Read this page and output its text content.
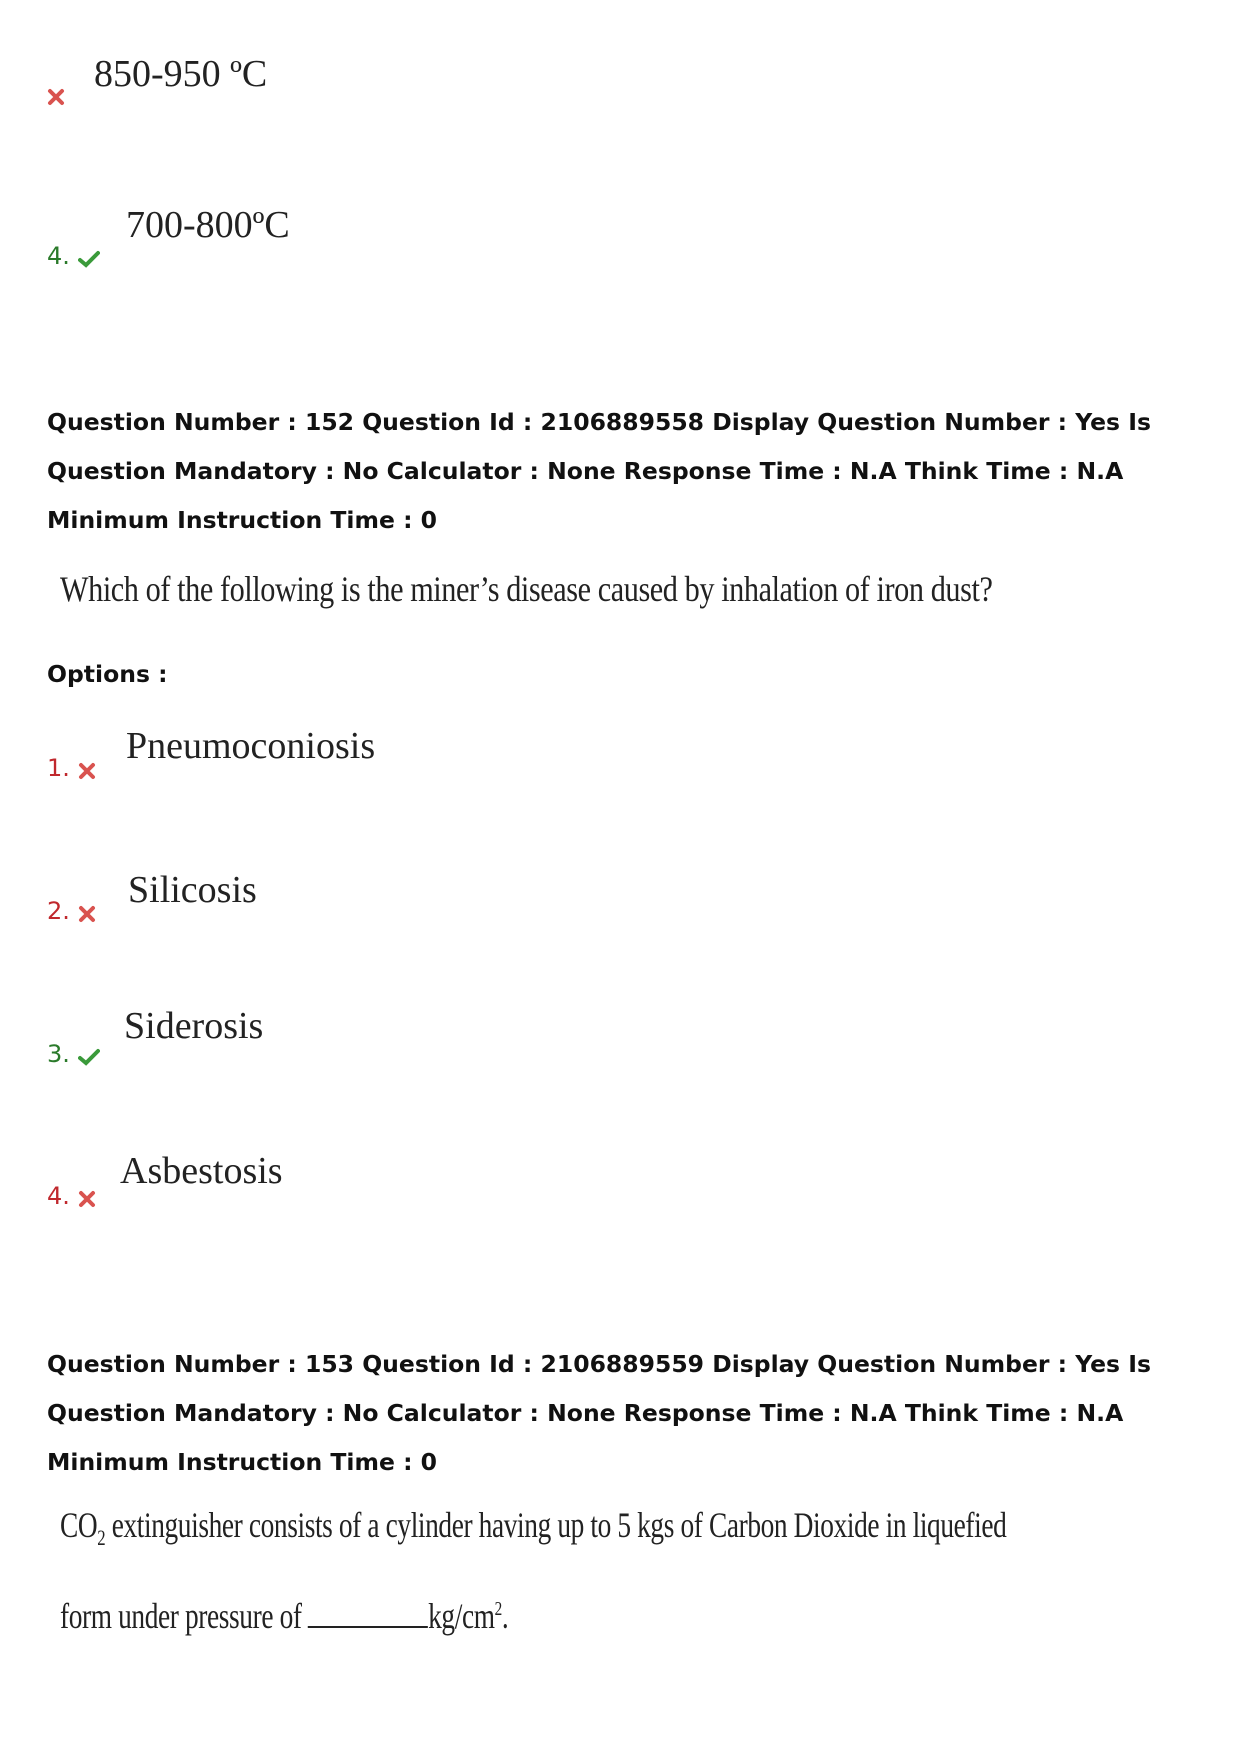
850-950 ºC
4.
700-800ºC
Question Number : 152 Question Id : 2106889558 Display Question Number : Yes Is Question Mandatory : No Calculator : None Response Time : N.A Think Time : N.A Minimum Instruction Time : 0
Which of the following is the miner’s disease caused by inhalation of iron dust?
Options :
1.
Pneumoconiosis
2.	Silicosis
3.
Siderosis
4.
Asbestosis
Question Number : 153 Question Id : 2106889559 Display Question Number : Yes Is Question Mandatory : No Calculator : None Response Time : N.A Think Time : N.A Minimum Instruction Time : 0
$CO_2$ extinguisher consists of a cylinder having up to 5 kgs of Carbon Dioxide in liquefied
form under pressure of	$kg/cm^2$.
